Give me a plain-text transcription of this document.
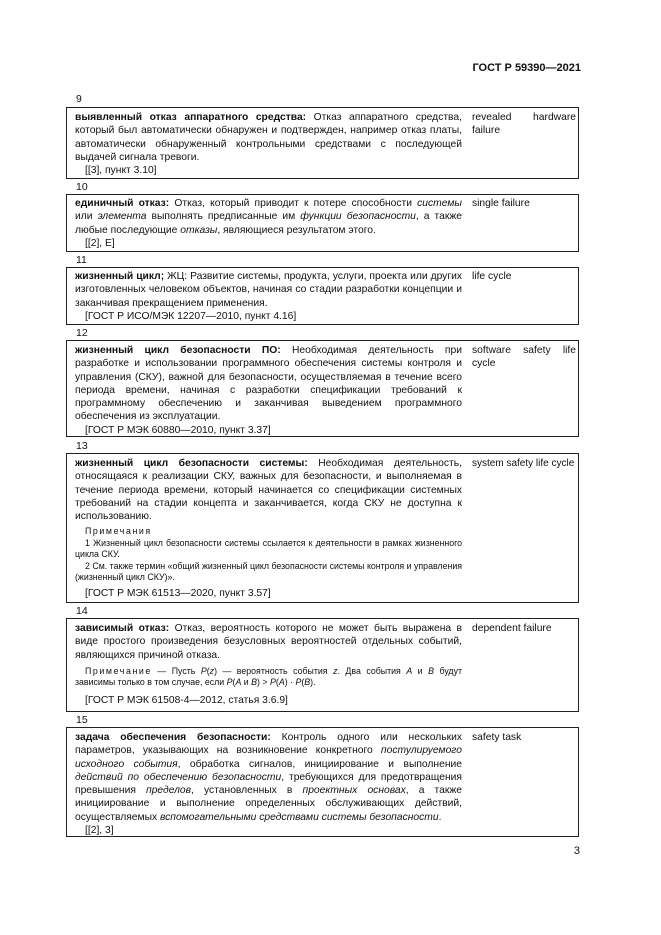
ГОСТ Р 59390—2021
9

выявленный отказ аппаратного средства: Отказ аппаратного средства, который был автоматически обнаружен и подтвержден, например отказ платы, автоматически обнаруженный контрольными средствами с последующей выдачей сигнала тревоги.

[[3], пункт 3.10]
revealed hardware failure
10

единичный отказ: Отказ, который приводит к потере способности системы или элемента выполнять предписанные им функции безопасности, а также любые последующие отказы, являющиеся результатом этого.

[[2], E]
single failure
11

жизненный цикл; ЖЦ: Развитие системы, продукта, услуги, проекта или других изготовленных человеком объектов, начиная со стадии разработки концепции и заканчивая прекращением применения.

[ГОСТ Р ИСО/МЭК 12207—2010, пункт 4.16]
life cycle
12

жизненный цикл безопасности ПО: Необходимая деятельность при разработке и использовании программного обеспечения системы контроля и управления (СКУ), важной для безопасности, осуществляемая в течение всего периода времени, начиная с разработки спецификации требований к программному обеспечению и заканчивая выведением программного обеспечения из эксплуатации.

[ГОСТ Р МЭК 60880—2010, пункт 3.37]
software safety life cycle
13

жизненный цикл безопасности системы: Необходимая деятельность, относящаяся к реализации СКУ, важных для безопасности, и выполняемая в течение периода времени, который начинается со спецификации системных требований на стадии концепта и заканчивается, когда СКУ не доступна к использованию.

Примечания
1 Жизненный цикл безопасности системы ссылается к деятельности в рамках жизненного цикла СКУ.
2 См. также термин «общий жизненный цикл безопасности системы контроля и управления (жизненный цикл СКУ)».
[ГОСТ Р МЭК 61513—2020, пункт 3.57]
system safety life cycle
14

зависимый отказ: Отказ, вероятность которого не может быть выражена в виде простого произведения безусловных вероятностей отдельных событий, являющихся причиной отказа.

Примечание — Пусть P(z) — вероятность события z. Два события A и B будут зависимы только в том случае, если P(A и B) > P(A) · P(B).
[ГОСТ Р МЭК 61508-4—2012, статья 3.6.9]
dependent failure
15

задача обеспечения безопасности: Контроль одного или нескольких параметров, указывающих на возникновение конкретного постулируемого исходного события, обработка сигналов, инициирование и выполнение действий по обеспечению безопасности, требующихся для предотвращения превышения пределов, установленных в проектных основах, а также инициирование и выполнение определенных обслуживающих действий, осуществляемых вспомогательными средствами системы безопасности.

[[2], 3]
safety task
3
